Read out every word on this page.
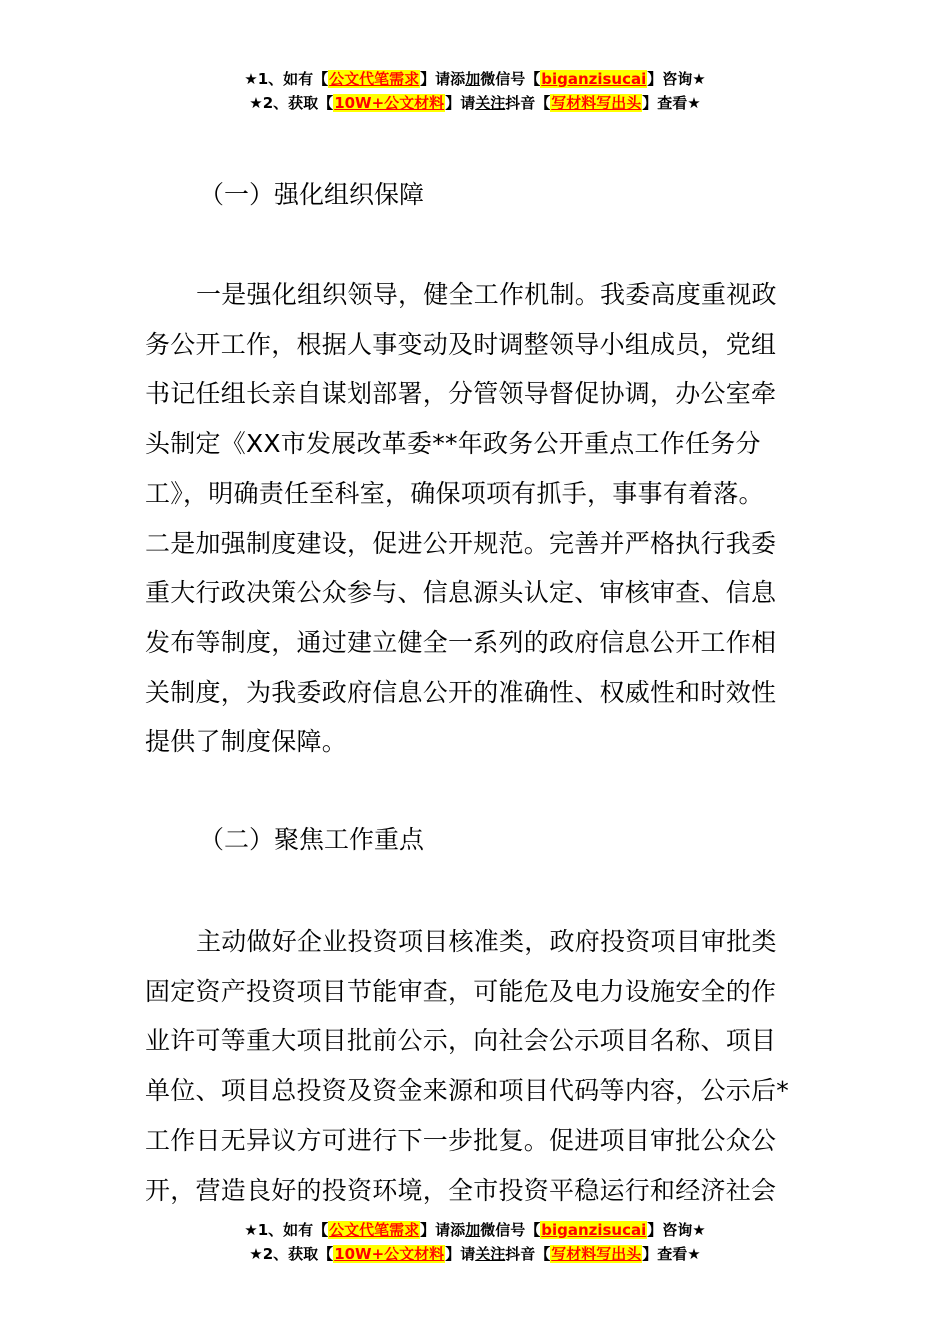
★1、如有【公文代笔需求】请添加微信号【biganzisucai】咨询★
★2、获取【10W+公文材料】请关注抖音【写材料写出头】查看★
（一）强化组织保障
一是强化组织领导，健全工作机制。我委高度重视政
务公开工作，根据人事变动及时调整领导小组成员，党组
书记任组长亲自谋划部署，分管领导督促协调，办公室牵
头制定《XX市发展改革委**年政务公开重点工作任务分
工》，明确责任至科室，确保项项有抓手，事事有着落。
二是加强制度建设，促进公开规范。完善并严格执行我委
重大行政决策公众参与、信息源头认定、审核审查、信息
发布等制度，通过建立健全一系列的政府信息公开工作相
关制度，为我委政府信息公开的准确性、权威性和时效性
提供了制度保障。
（二）聚焦工作重点
主动做好企业投资项目核准类，政府投资项目审批类
固定资产投资项目节能审查，可能危及电力设施安全的作
业许可等重大项目批前公示，向社会公示项目名称、项目
单位、项目总投资及资金来源和项目代码等内容，公示后*
工作日无异议方可进行下一步批复。促进项目审批公众公
开，营造良好的投资环境，全市投资平稳运行和经济社会
★1、如有【公文代笔需求】请添加微信号【biganzisucai】咨询★
★2、获取【10W+公文材料】请关注抖音【写材料写出头】查看★
